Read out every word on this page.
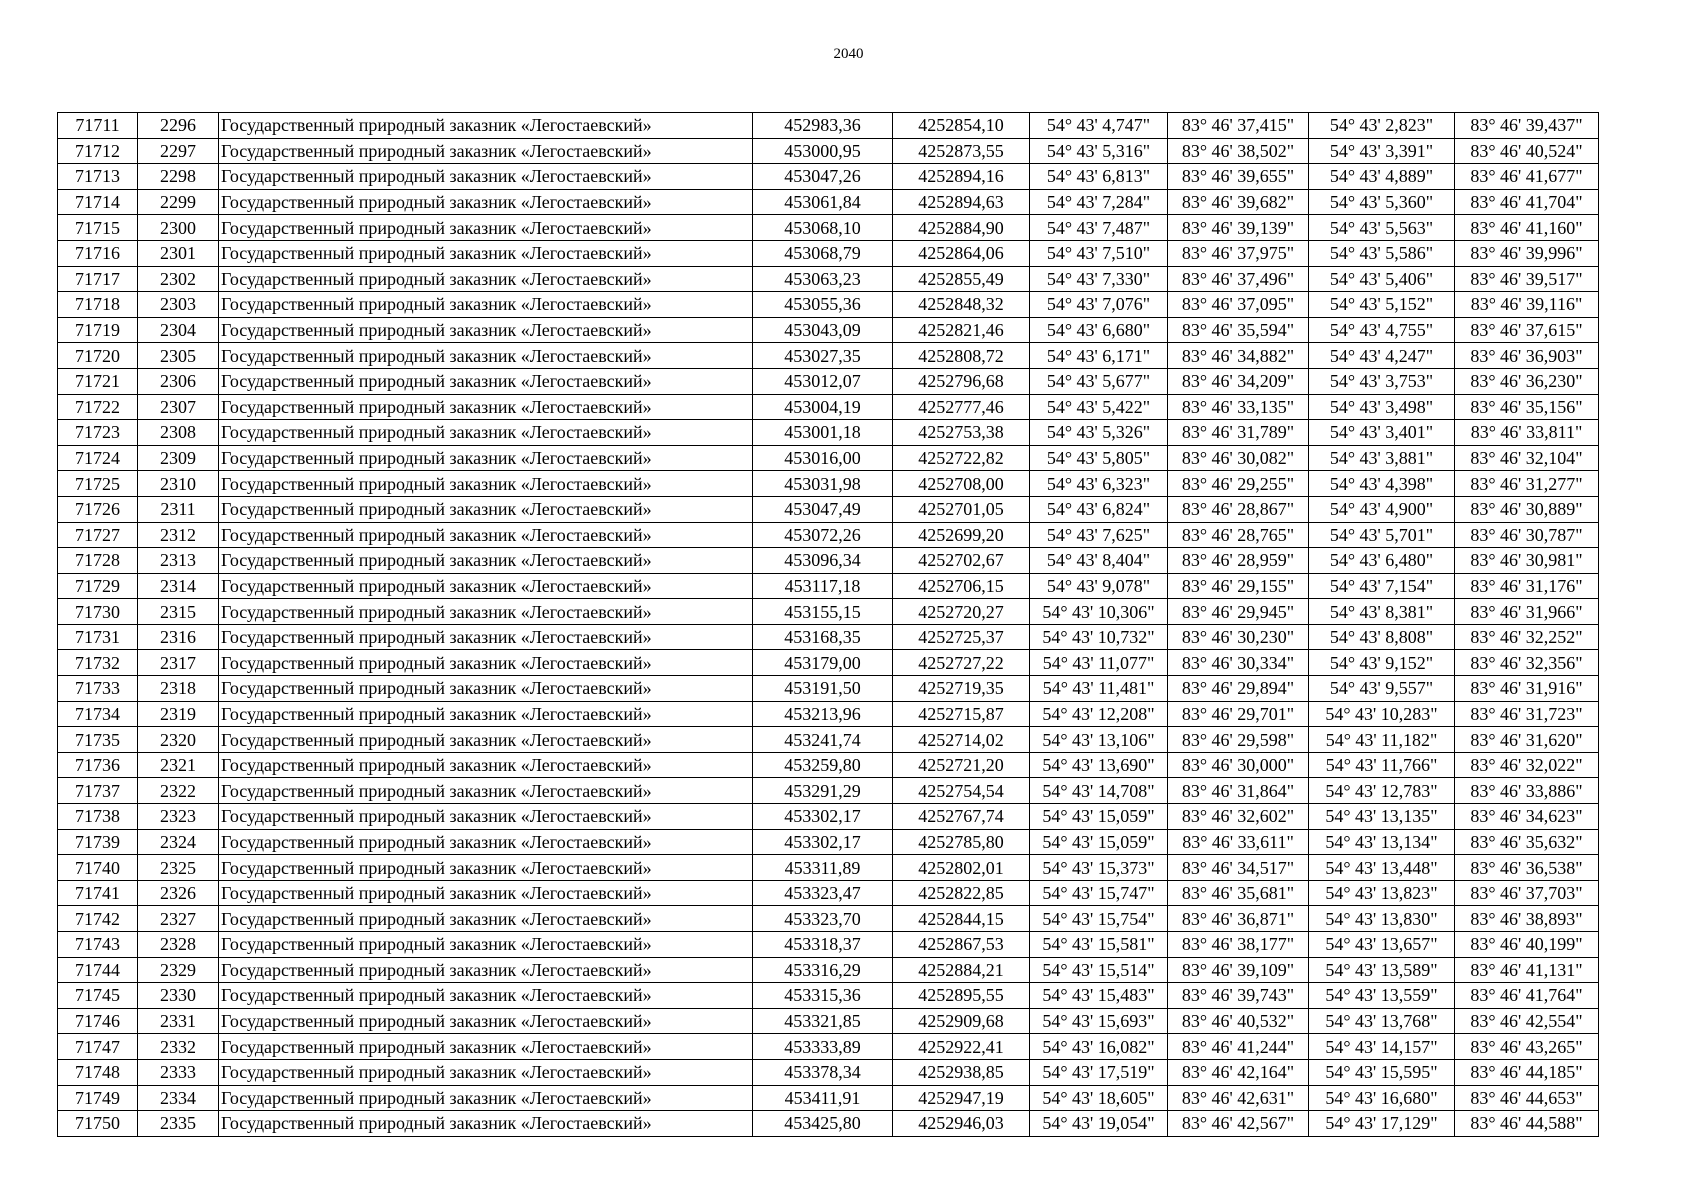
2040
71711	2296	Государственный природный заказник «Легостаевский»	452983,36	4252854,10	54° 43' 4,747"	83° 46' 37,415"	54° 43' 2,823"	83° 46' 39,437"
71712	2297	Государственный природный заказник «Легостаевский»	453000,95	4252873,55	54° 43' 5,316"	83° 46' 38,502"	54° 43' 3,391"	83° 46' 40,524"
71713	2298	Государственный природный заказник «Легостаевский»	453047,26	4252894,16	54° 43' 6,813"	83° 46' 39,655"	54° 43' 4,889"	83° 46' 41,677"
71714	2299	Государственный природный заказник «Легостаевский»	453061,84	4252894,63	54° 43' 7,284"	83° 46' 39,682"	54° 43' 5,360"	83° 46' 41,704"
71715	2300	Государственный природный заказник «Легостаевский»	453068,10	4252884,90	54° 43' 7,487"	83° 46' 39,139"	54° 43' 5,563"	83° 46' 41,160"
71716	2301	Государственный природный заказник «Легостаевский»	453068,79	4252864,06	54° 43' 7,510"	83° 46' 37,975"	54° 43' 5,586"	83° 46' 39,996"
71717	2302	Государственный природный заказник «Легостаевский»	453063,23	4252855,49	54° 43' 7,330"	83° 46' 37,496"	54° 43' 5,406"	83° 46' 39,517"
71718	2303	Государственный природный заказник «Легостаевский»	453055,36	4252848,32	54° 43' 7,076"	83° 46' 37,095"	54° 43' 5,152"	83° 46' 39,116"
71719	2304	Государственный природный заказник «Легостаевский»	453043,09	4252821,46	54° 43' 6,680"	83° 46' 35,594"	54° 43' 4,755"	83° 46' 37,615"
71720	2305	Государственный природный заказник «Легостаевский»	453027,35	4252808,72	54° 43' 6,171"	83° 46' 34,882"	54° 43' 4,247"	83° 46' 36,903"
71721	2306	Государственный природный заказник «Легостаевский»	453012,07	4252796,68	54° 43' 5,677"	83° 46' 34,209"	54° 43' 3,753"	83° 46' 36,230"
71722	2307	Государственный природный заказник «Легостаевский»	453004,19	4252777,46	54° 43' 5,422"	83° 46' 33,135"	54° 43' 3,498"	83° 46' 35,156"
71723	2308	Государственный природный заказник «Легостаевский»	453001,18	4252753,38	54° 43' 5,326"	83° 46' 31,789"	54° 43' 3,401"	83° 46' 33,811"
71724	2309	Государственный природный заказник «Легостаевский»	453016,00	4252722,82	54° 43' 5,805"	83° 46' 30,082"	54° 43' 3,881"	83° 46' 32,104"
71725	2310	Государственный природный заказник «Легостаевский»	453031,98	4252708,00	54° 43' 6,323"	83° 46' 29,255"	54° 43' 4,398"	83° 46' 31,277"
71726	2311	Государственный природный заказник «Легостаевский»	453047,49	4252701,05	54° 43' 6,824"	83° 46' 28,867"	54° 43' 4,900"	83° 46' 30,889"
71727	2312	Государственный природный заказник «Легостаевский»	453072,26	4252699,20	54° 43' 7,625"	83° 46' 28,765"	54° 43' 5,701"	83° 46' 30,787"
71728	2313	Государственный природный заказник «Легостаевский»	453096,34	4252702,67	54° 43' 8,404"	83° 46' 28,959"	54° 43' 6,480"	83° 46' 30,981"
71729	2314	Государственный природный заказник «Легостаевский»	453117,18	4252706,15	54° 43' 9,078"	83° 46' 29,155"	54° 43' 7,154"	83° 46' 31,176"
71730	2315	Государственный природный заказник «Легостаевский»	453155,15	4252720,27	54° 43' 10,306"	83° 46' 29,945"	54° 43' 8,381"	83° 46' 31,966"
71731	2316	Государственный природный заказник «Легостаевский»	453168,35	4252725,37	54° 43' 10,732"	83° 46' 30,230"	54° 43' 8,808"	83° 46' 32,252"
71732	2317	Государственный природный заказник «Легостаевский»	453179,00	4252727,22	54° 43' 11,077"	83° 46' 30,334"	54° 43' 9,152"	83° 46' 32,356"
71733	2318	Государственный природный заказник «Легостаевский»	453191,50	4252719,35	54° 43' 11,481"	83° 46' 29,894"	54° 43' 9,557"	83° 46' 31,916"
71734	2319	Государственный природный заказник «Легостаевский»	453213,96	4252715,87	54° 43' 12,208"	83° 46' 29,701"	54° 43' 10,283"	83° 46' 31,723"
71735	2320	Государственный природный заказник «Легостаевский»	453241,74	4252714,02	54° 43' 13,106"	83° 46' 29,598"	54° 43' 11,182"	83° 46' 31,620"
71736	2321	Государственный природный заказник «Легостаевский»	453259,80	4252721,20	54° 43' 13,690"	83° 46' 30,000"	54° 43' 11,766"	83° 46' 32,022"
71737	2322	Государственный природный заказник «Легостаевский»	453291,29	4252754,54	54° 43' 14,708"	83° 46' 31,864"	54° 43' 12,783"	83° 46' 33,886"
71738	2323	Государственный природный заказник «Легостаевский»	453302,17	4252767,74	54° 43' 15,059"	83° 46' 32,602"	54° 43' 13,135"	83° 46' 34,623"
71739	2324	Государственный природный заказник «Легостаевский»	453302,17	4252785,80	54° 43' 15,059"	83° 46' 33,611"	54° 43' 13,134"	83° 46' 35,632"
71740	2325	Государственный природный заказник «Легостаевский»	453311,89	4252802,01	54° 43' 15,373"	83° 46' 34,517"	54° 43' 13,448"	83° 46' 36,538"
71741	2326	Государственный природный заказник «Легостаевский»	453323,47	4252822,85	54° 43' 15,747"	83° 46' 35,681"	54° 43' 13,823"	83° 46' 37,703"
71742	2327	Государственный природный заказник «Легостаевский»	453323,70	4252844,15	54° 43' 15,754"	83° 46' 36,871"	54° 43' 13,830"	83° 46' 38,893"
71743	2328	Государственный природный заказник «Легостаевский»	453318,37	4252867,53	54° 43' 15,581"	83° 46' 38,177"	54° 43' 13,657"	83° 46' 40,199"
71744	2329	Государственный природный заказник «Легостаевский»	453316,29	4252884,21	54° 43' 15,514"	83° 46' 39,109"	54° 43' 13,589"	83° 46' 41,131"
71745	2330	Государственный природный заказник «Легостаевский»	453315,36	4252895,55	54° 43' 15,483"	83° 46' 39,743"	54° 43' 13,559"	83° 46' 41,764"
71746	2331	Государственный природный заказник «Легостаевский»	453321,85	4252909,68	54° 43' 15,693"	83° 46' 40,532"	54° 43' 13,768"	83° 46' 42,554"
71747	2332	Государственный природный заказник «Легостаевский»	453333,89	4252922,41	54° 43' 16,082"	83° 46' 41,244"	54° 43' 14,157"	83° 46' 43,265"
71748	2333	Государственный природный заказник «Легостаевский»	453378,34	4252938,85	54° 43' 17,519"	83° 46' 42,164"	54° 43' 15,595"	83° 46' 44,185"
71749	2334	Государственный природный заказник «Легостаевский»	453411,91	4252947,19	54° 43' 18,605"	83° 46' 42,631"	54° 43' 16,680"	83° 46' 44,653"
71750	2335	Государственный природный заказник «Легостаевский»	453425,80	4252946,03	54° 43' 19,054"	83° 46' 42,567"	54° 43' 17,129"	83° 46' 44,588"
